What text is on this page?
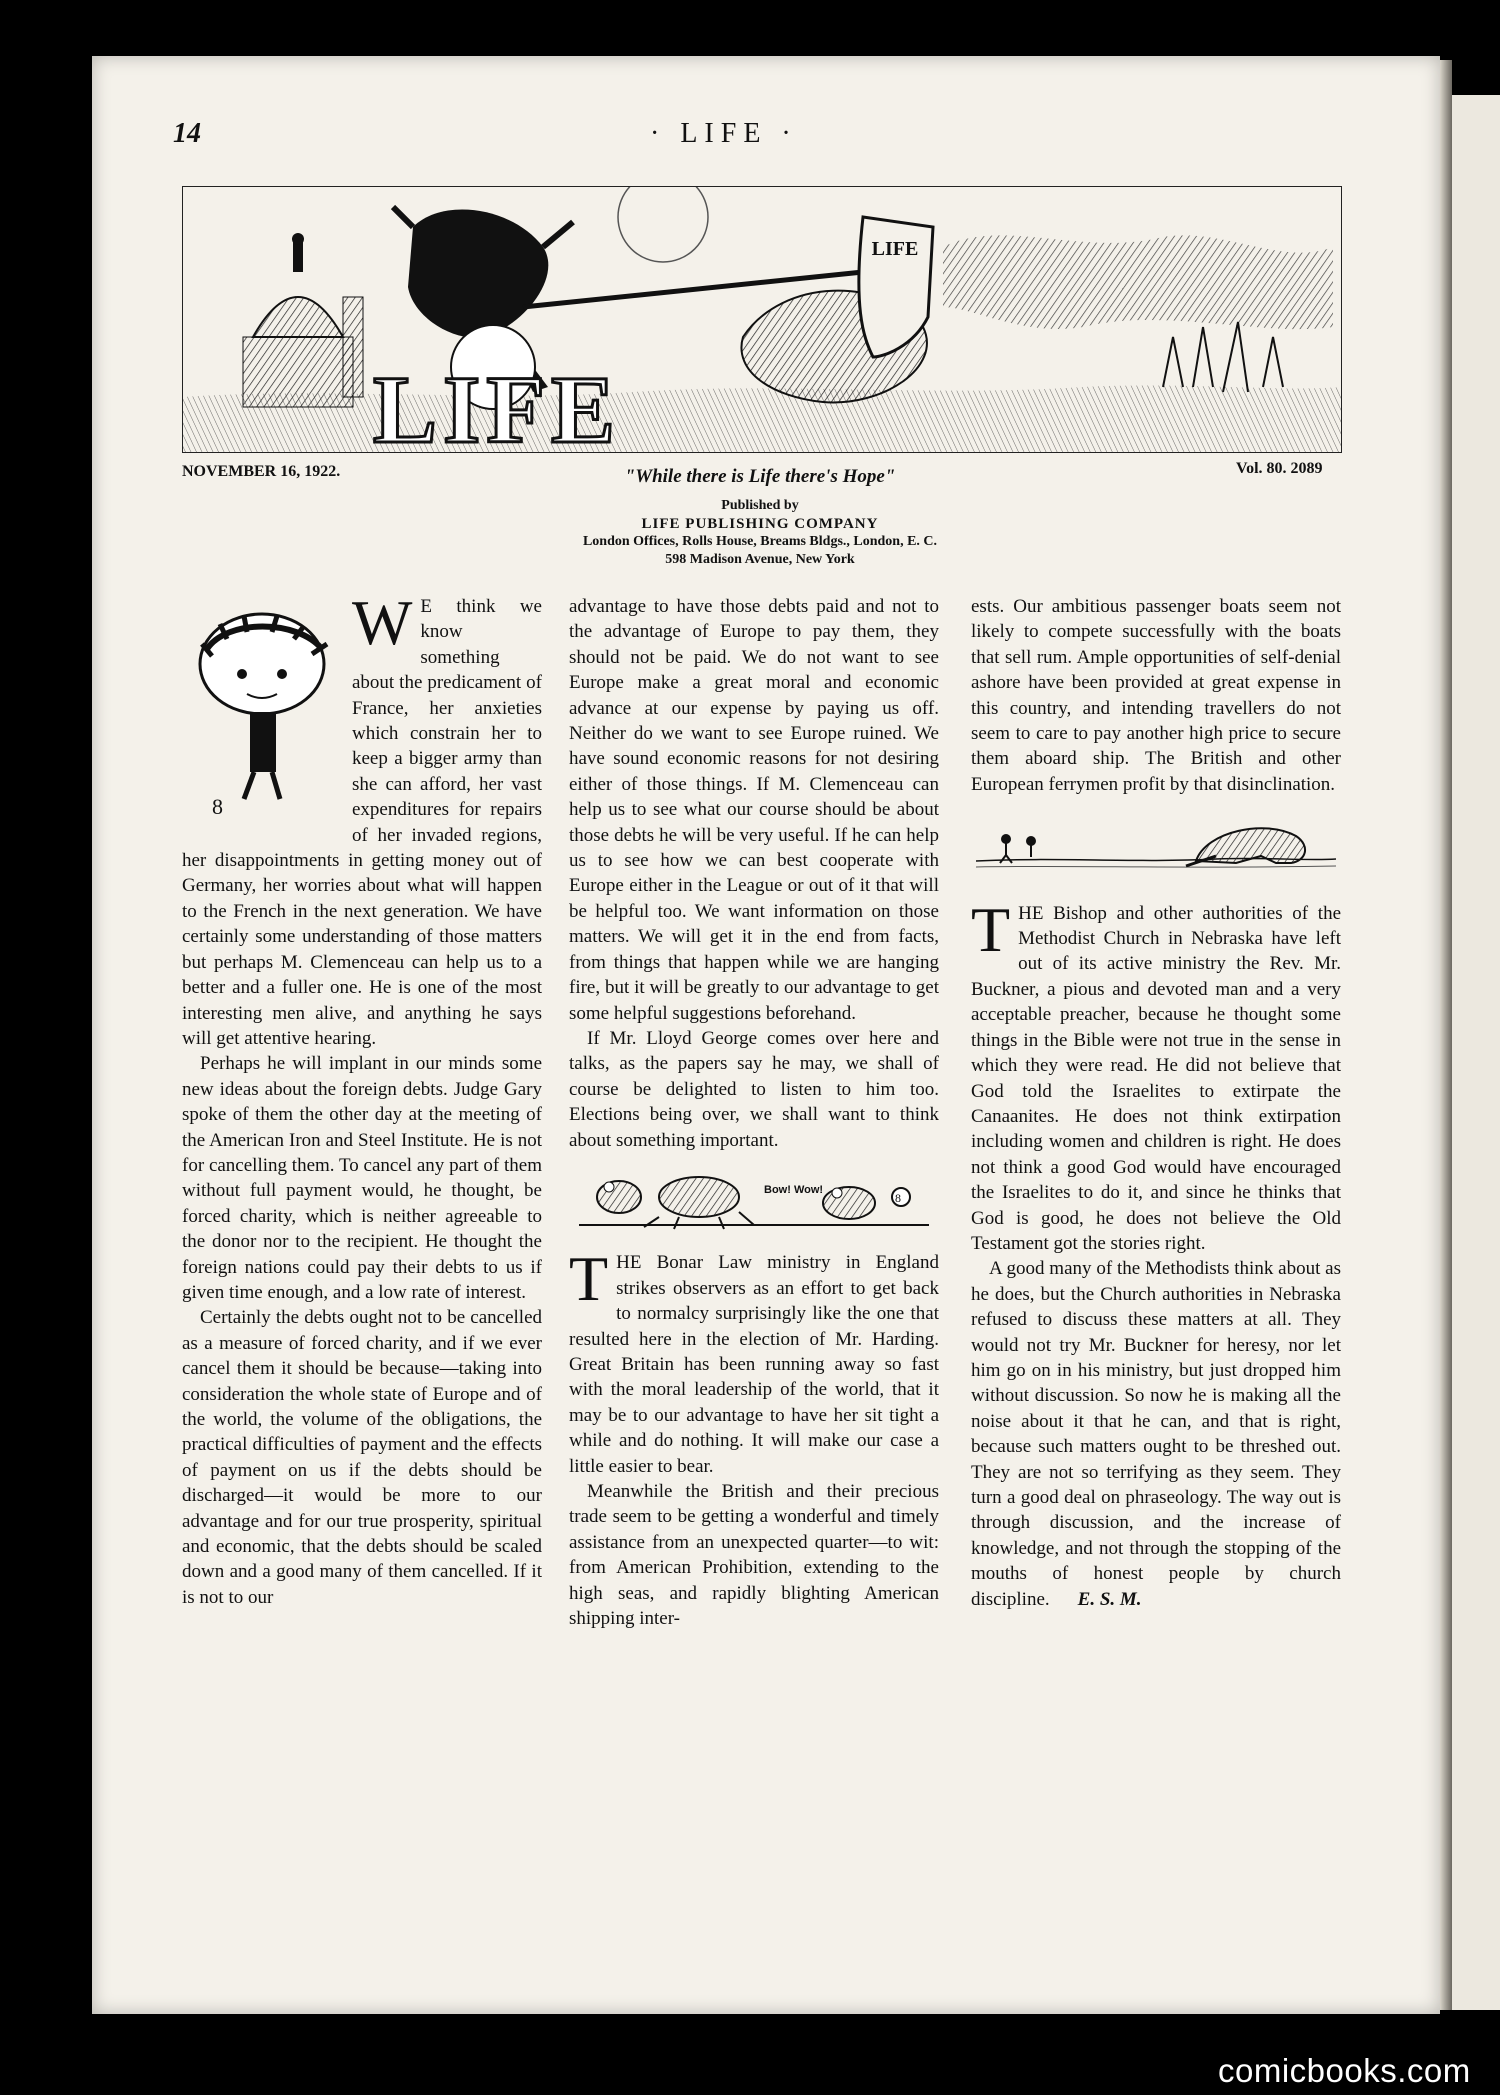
14	· LIFE ·
LIFE
LIFE
NOVEMBER 16, 1922.	"While there is Life there's Hope"	Vol. 80. 2089
Published by
LIFE PUBLISHING COMPANY
London Offices, Rolls House, Breams Bldgs., London, E. C.
598 Madison Avenue, New York
8

W E think we know something about the predicament of France, her anxieties which constrain her to keep a bigger army than she can afford, her vast expenditures for repairs of her invaded regions, her disappointments in getting money out of Germany, her worries about what will happen to the French in the next generation. We have certainly some understanding of those matters but perhaps M. Clemenceau can help us to a better and a fuller one. He is one of the most interesting men alive, and anything he says will get attentive hearing.

Perhaps he will implant in our minds some new ideas about the foreign debts. Judge Gary spoke of them the other day at the meeting of the American Iron and Steel Institute. He is not for cancelling them. To cancel any part of them without full payment would, he thought, be forced charity, which is neither agreeable to the donor nor to the recipient. He thought the foreign nations could pay their debts to us if given time enough, and a low rate of interest.

Certainly the debts ought not to be cancelled as a measure of forced charity, and if we ever cancel them it should be because—taking into consideration the whole state of Europe and of the world, the volume of the obligations, the practical difficulties of payment and the effects of payment on us if the debts should be discharged—it would be more to our advantage and for our true prosperity, spiritual and economic, that the debts should be scaled down and a good many of them cancelled. If it is not to our

advantage to have those debts paid and not to the advantage of Europe to pay them, they should not be paid. We do not want to see Europe make a great moral and economic advance at our expense by paying us off. Neither do we want to see Europe ruined. We have sound economic reasons for not desiring either of those things. If M. Clemenceau can help us to see what our course should be about those debts he will be very useful. If he can help us to see how we can best cooperate with Europe either in the League or out of it that will be helpful too. We want information on those matters. We will get it in the end from facts, from things that happen while we are hanging fire, but it will be greatly to our advantage to get some helpful suggestions beforehand.

If Mr. Lloyd George comes over here and talks, as the papers say he may, we shall of course be delighted to listen to him too. Elections being over, we shall want to think about something important.

Bow! Wow!
8

THE Bonar Law ministry in England strikes observers as an effort to get back to normalcy surprisingly like the one that resulted here in the election of Mr. Harding. Great Britain has been running away so fast with the moral leadership of the world, that it may be to our advantage to have her sit tight a while and do nothing. It will make our case a little easier to bear.

Meanwhile the British and their precious trade seem to be getting a wonderful and timely assistance from an unexpected quarter—to wit: from American Prohibition, extending to the high seas, and rapidly blighting American shipping inter-

ests. Our ambitious passenger boats seem not likely to compete successfully with the boats that sell rum. Ample opportunities of self-denial ashore have been provided at great expense in this country, and intending travellers do not seem to care to pay another high price to secure them aboard ship. The British and other European ferrymen profit by that disinclination.

THE Bishop and other authorities of the Methodist Church in Nebraska have left out of its active ministry the Rev. Mr. Buckner, a pious and devoted man and a very acceptable preacher, because he thought some things in the Bible were not true in the sense in which they were read. He did not believe that God told the Israelites to extirpate the Canaanites. He does not think extirpation including women and children is right. He does not think a good God would have encouraged the Israelites to do it, and since he thinks that God is good, he does not believe the Old Testament got the stories right.

A good many of the Methodists think about as he does, but the Church authorities in Nebraska refused to discuss these matters at all. They would not try Mr. Buckner for heresy, nor let him go on in his ministry, but just dropped him without discussion. So now he is making all the noise about it that he can, and that is right, because such matters ought to be threshed out. They are not so terrifying as they seem. They turn a good deal on phraseology. The way out is through discussion, and the increase of knowledge, and not through the stopping of the mouths of honest people by church discipline. E. S. M.

comicbooks.com
